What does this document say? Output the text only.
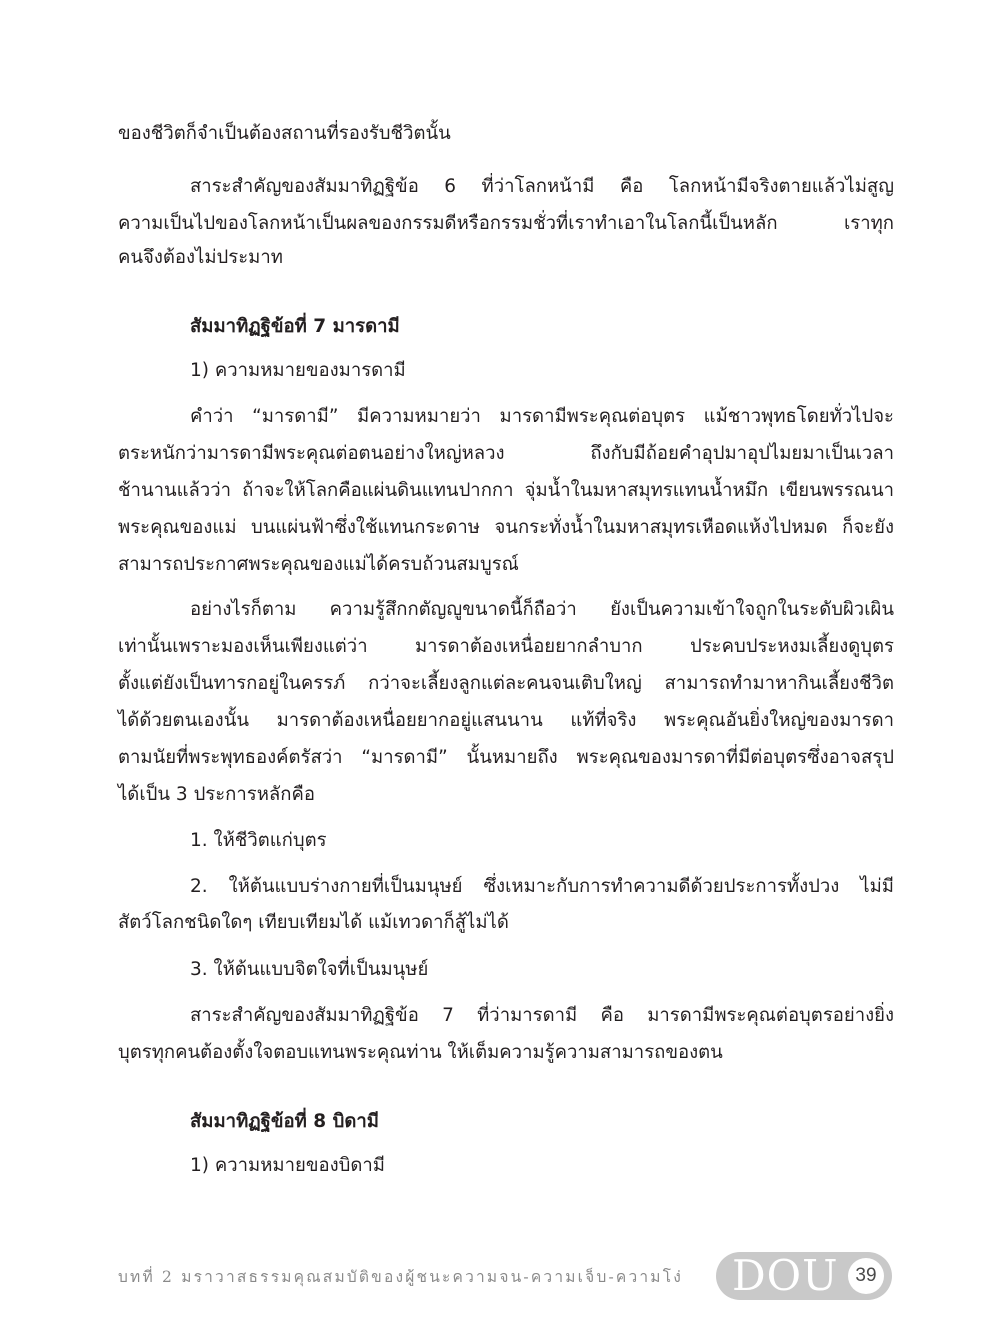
ของชีวิตก็จำเป็นต้องสถานที่รองรับชีวิตนั้น
สาระสำคัญของสัมมาทิฏฐิข้อ 6 ที่ว่าโลกหน้ามี คือ โลกหน้ามีจริงตายแล้วไม่สูญ
ความเป็นไปของโลกหน้าเป็นผลของกรรมดีหรือกรรมชั่วที่เราทำเอาในโลกนี้เป็นหลัก เราทุก
คนจึงต้องไม่ประมาท
สัมมาทิฏฐิข้อที่ 7 มารดามี
1) ความหมายของมารดามี
คำว่า “มารดามี” มีความหมายว่า มารดามีพระคุณต่อบุตร แม้ชาวพุทธโดยทั่วไปจะ
ตระหนักว่ามารดามีพระคุณต่อตนอย่างใหญ่หลวง ถึงกับมีถ้อยคำอุปมาอุปไมยมาเป็นเวลา
ช้านานแล้วว่า ถ้าจะให้โลกคือแผ่นดินแทนปากกา จุ่มน้ำในมหาสมุทรแทนน้ำหมึก เขียนพรรณนา
พระคุณของแม่ บนแผ่นฟ้าซึ่งใช้แทนกระดาษ จนกระทั่งน้ำในมหาสมุทรเหือดแห้งไปหมด ก็จะยัง
สามารถประกาศพระคุณของแม่ได้ครบถ้วนสมบูรณ์
อย่างไรก็ตาม ความรู้สึกกตัญญูขนาดนี้ก็ถือว่า ยังเป็นความเข้าใจถูกในระดับผิวเผิน
เท่านั้นเพราะมองเห็นเพียงแต่ว่า มารดาต้องเหนื่อยยากลำบาก ประคบประหงมเลี้ยงดูบุตร
ตั้งแต่ยังเป็นทารกอยู่ในครรภ์ กว่าจะเลี้ยงลูกแต่ละคนจนเติบใหญ่ สามารถทำมาหากินเลี้ยงชีวิต
ได้ด้วยตนเองนั้น มารดาต้องเหนื่อยยากอยู่แสนนาน แท้ที่จริง พระคุณอันยิ่งใหญ่ของมารดา
ตามนัยที่พระพุทธองค์ตรัสว่า “มารดามี” นั้นหมายถึง พระคุณของมารดาที่มีต่อบุตรซึ่งอาจสรุป
ได้เป็น 3 ประการหลักคือ
1. ให้ชีวิตแก่บุตร
2. ให้ต้นแบบร่างกายที่เป็นมนุษย์ ซึ่งเหมาะกับการทำความดีด้วยประการทั้งปวง ไม่มี
สัตว์โลกชนิดใดๆ เทียบเทียมได้ แม้เทวดาก็สู้ไม่ได้
3. ให้ต้นแบบจิตใจที่เป็นมนุษย์
สาระสำคัญของสัมมาทิฏฐิข้อ 7 ที่ว่ามารดามี คือ มารดามีพระคุณต่อบุตรอย่างยิ่ง
บุตรทุกคนต้องตั้งใจตอบแทนพระคุณท่าน ให้เต็มความรู้ความสามารถของตน
สัมมาทิฏฐิข้อที่ 8 บิดามี
1) ความหมายของบิดามี
บทที่ 2 มราวาสธรรมคุณสมบัติของผู้ชนะความจน-ความเจ็บ-ความโง่	DOU 39
